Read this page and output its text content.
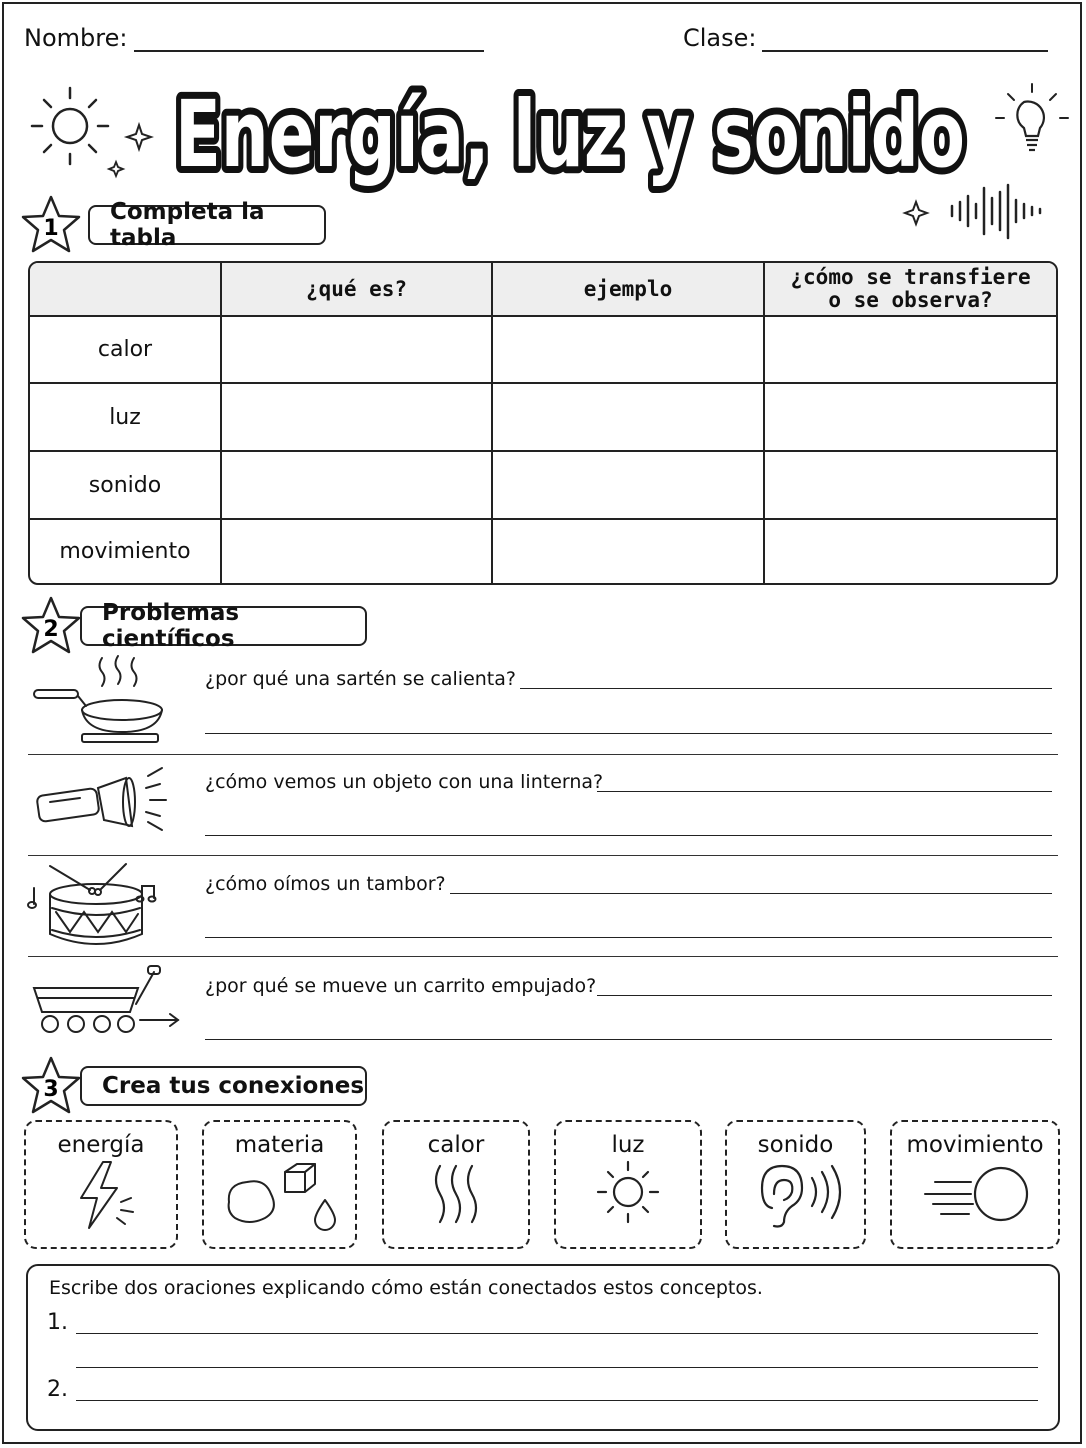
Nombre:	Clase:
Energía, luz y sonido
Completa la tabla
1
	¿qué es?	ejemplo	¿cómo se transfiere
o se observa?
calor			
luz			
sonido			
movimiento			
Problemas científicos
2
¿por qué una sartén se calienta?
¿cómo vemos un objeto con una linterna?
¿cómo oímos un tambor?
¿por qué se mueve un carrito empujado?
Crea tus conexiones
3
energía	materia	calor	luz	sonido	movimiento
Escribe dos oraciones explicando cómo están conectados estos conceptos.
1.
2.
